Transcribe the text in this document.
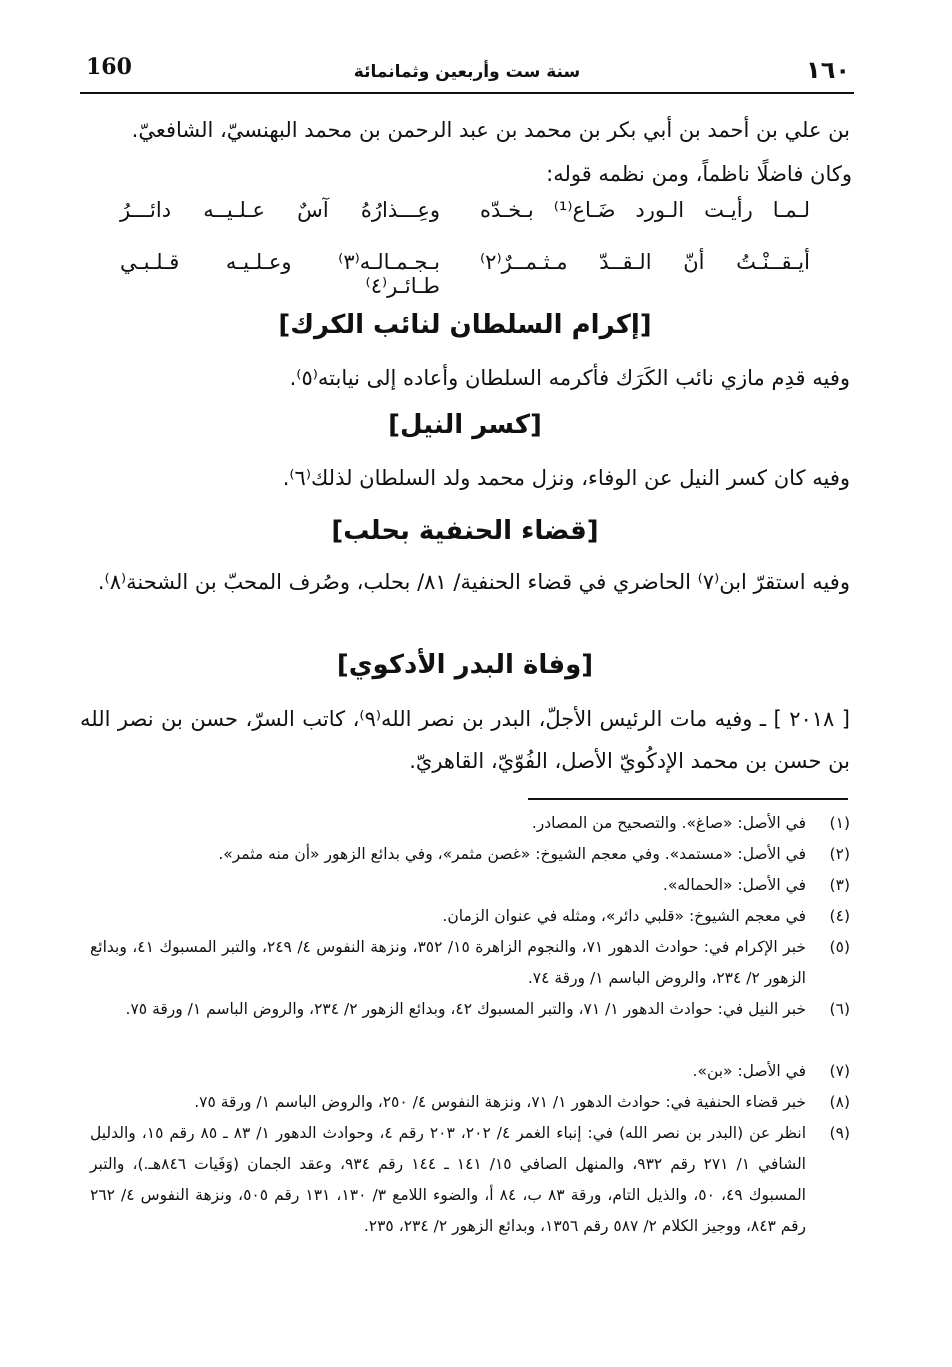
160	سنة ست وأربعين وثمانمائة	١٦٠
بن علي بن أحمد بن أبي بكر بن محمد بن عبد الرحمن بن محمد البهنسيّ، الشافعيّ.
وكان فاضلًا ناظماً، ومن نظمه قوله:
لـمـا رأيـت الـورد ضَـاع⁽¹⁾ بـخـدّه
وعِـــذارُهُ آسٌ عـلـيــه دائـــرُ
أيـقــنْـتُ أنّ الـقــدّ مـثـمــرٌ⁽٢⁾
بـجـمـالـه⁽٣⁾ وعـلـيـه قـلـبـي طـائـر⁽٤⁾
[إكرام السلطان لنائب الكرك]
وفيه قدِم مازي نائب الكَرَك فأكرمه السلطان وأعاده إلى نيابته⁽٥⁾.
[كسر النيل]
وفيه كان كسر النيل عن الوفاء، ونزل محمد ولد السلطان لذلك⁽٦⁾.
[قضاء الحنفية بحلب]
وفيه استقرّ ابن⁽٧⁾ الحاضري في قضاء الحنفية/ ٨١/ بحلب، وصُرف المحبّ بن الشحنة⁽٨⁾.
[وفاة البدر الأدكوي]
[ ٢٠١٨ ] ـ وفيه مات الرئيس الأجلّ، البدر بن نصر الله⁽٩⁾، كاتب السرّ، حسن بن نصر الله بن حسن بن محمد الإدكُويّ الأصل، الفُوّيّ، القاهريّ.
(١)
في الأصل: «صاغ». والتصحيح من المصادر.
(٢)
في الأصل: «مستمد». وفي معجم الشيوخ: «غصن مثمر»، وفي بدائع الزهور «أن منه مثمر».
(٣)
في الأصل: «الحماله».
(٤)
في معجم الشيوخ: «قلبي دائر»، ومثله في عنوان الزمان.
(٥)
خبر الإكرام في: حوادث الدهور ٧١، والنجوم الزاهرة ١٥/ ٣٥٢، ونزهة النفوس ٤/ ٢٤٩، والتبر المسبوك ٤١، وبدائع الزهور ٢/ ٢٣٤، والروض الباسم ١/ ورقة ٧٤.
(٦)
خبر النيل في: حوادث الدهور ١/ ٧١، والتبر المسبوك ٤٢، وبدائع الزهور ٢/ ٢٣٤، والروض الباسم ١/ ورقة ٧٥.
(٧)
في الأصل: «بن».
(٨)
خبر قضاء الحنفية في: حوادث الدهور ١/ ٧١، ونزهة النفوس ٤/ ٢٥٠، والروض الباسم ١/ ورقة ٧٥.
(٩)
انظر عن (البدر بن نصر الله) في: إنباء الغمر ٤/ ٢٠٢، ٢٠٣ رقم ٤، وحوادث الدهور ١/ ٨٣ ـ ٨٥ رقم ١٥، والدليل الشافي ١/ ٢٧١ رقم ٩٣٢، والمنهل الصافي ١٥/ ١٤١ ـ ١٤٤ رقم ٩٣٤، وعقد الجمان (وَفَيات ٨٤٦هـ.)، والتبر المسبوك ٤٩، ٥٠، والذيل التام، ورقة ٨٣ ب، ٨٤ أ، والضوء اللامع ٣/ ١٣٠، ١٣١ رقم ٥٠٥، ونزهة النفوس ٤/ ٢٦٢ رقم ٨٤٣، ووجيز الكلام ٢/ ٥٨٧ رقم ١٣٥٦، وبدائع الزهور ٢/ ٢٣٤، ٢٣٥.
